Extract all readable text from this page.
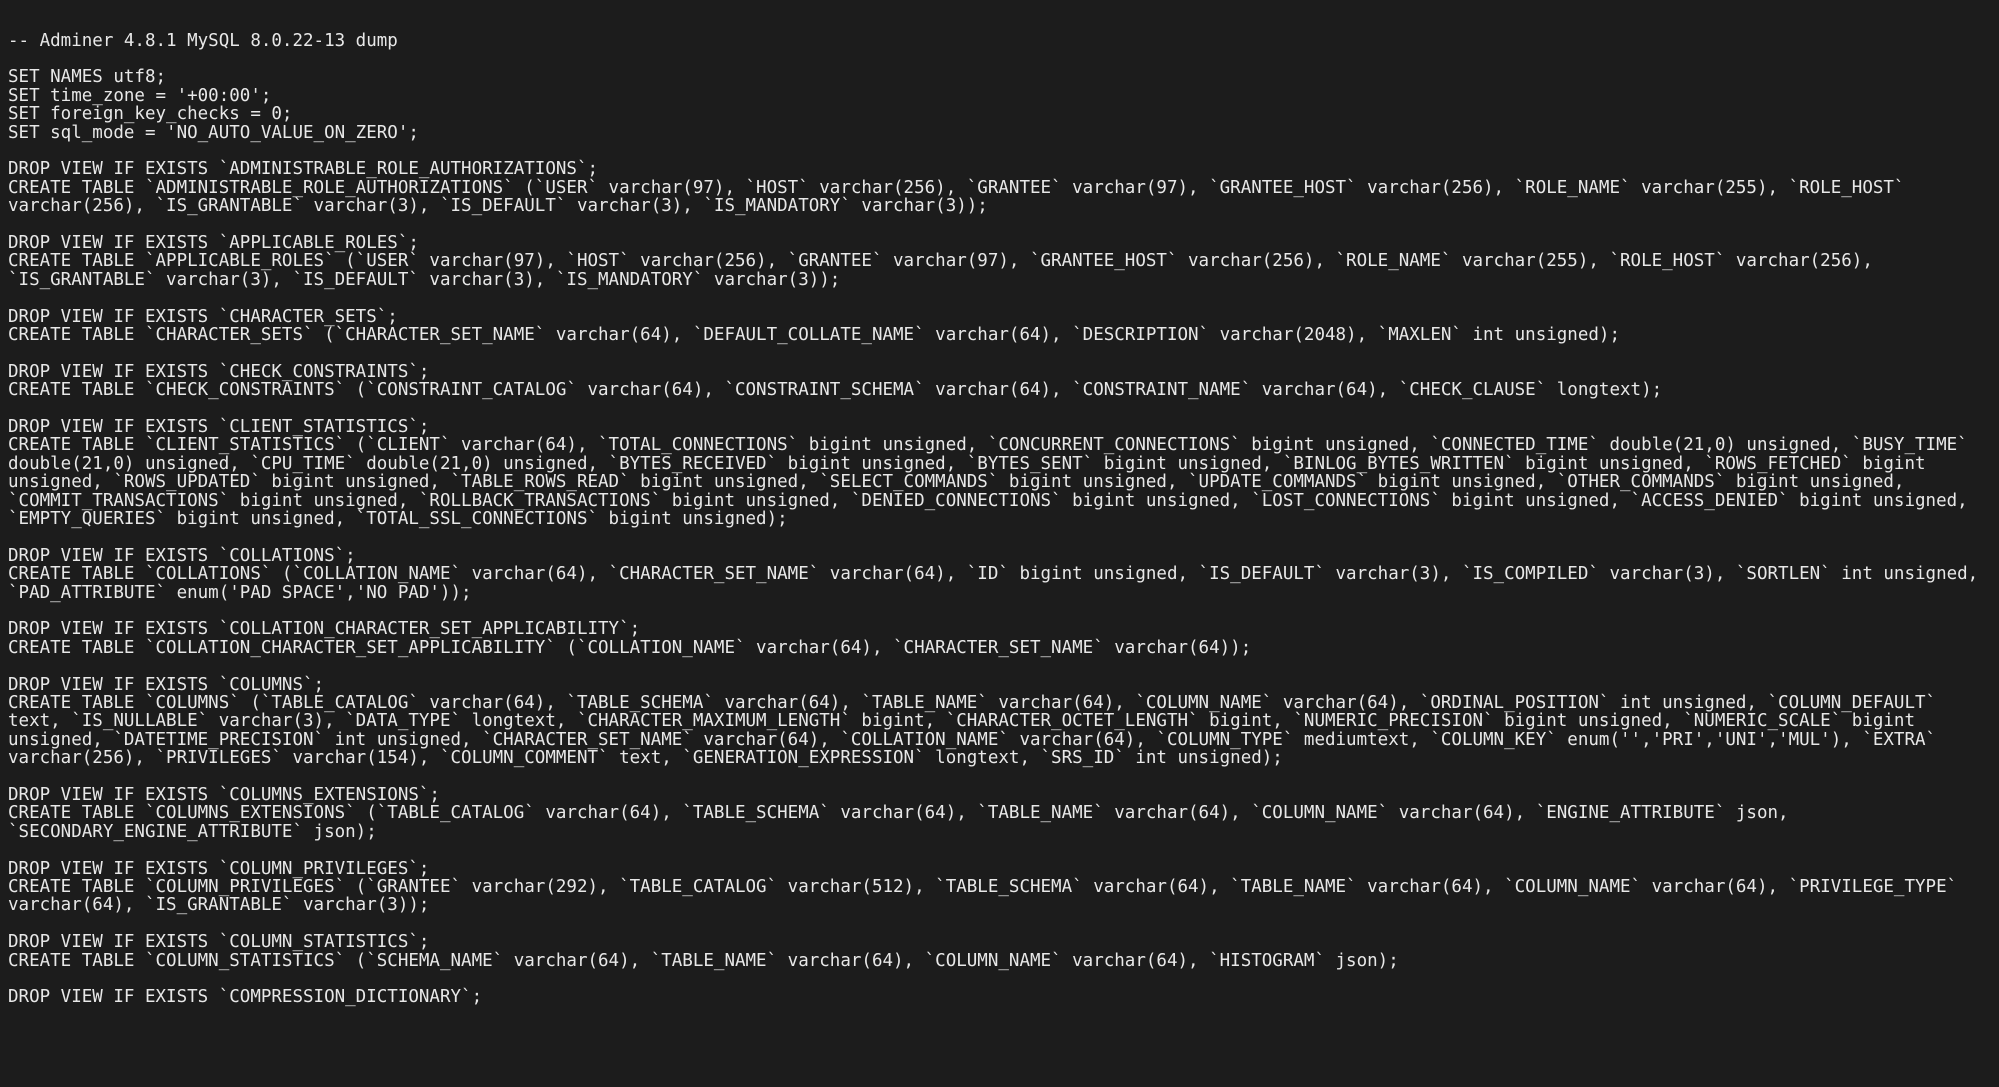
-- Adminer 4.8.1 MySQL 8.0.22-13 dump
SET NAMES utf8;
SET time_zone = '+00:00';
SET foreign_key_checks = 0;
SET sql_mode = 'NO_AUTO_VALUE_ON_ZERO';
DROP VIEW IF EXISTS `ADMINISTRABLE_ROLE_AUTHORIZATIONS`;
CREATE TABLE `ADMINISTRABLE_ROLE_AUTHORIZATIONS` (`USER` varchar(97), `HOST` varchar(256), `GRANTEE` varchar(97), `GRANTEE_HOST` varchar(256), `ROLE_NAME` varchar(255), `ROLE_HOST` varchar(256), `IS_GRANTABLE` varchar(3), `IS_DEFAULT` varchar(3), `IS_MANDATORY` varchar(3));
DROP VIEW IF EXISTS `APPLICABLE_ROLES`;
CREATE TABLE `APPLICABLE_ROLES` (`USER` varchar(97), `HOST` varchar(256), `GRANTEE` varchar(97), `GRANTEE_HOST` varchar(256), `ROLE_NAME` varchar(255), `ROLE_HOST` varchar(256), `IS_GRANTABLE` varchar(3), `IS_DEFAULT` varchar(3), `IS_MANDATORY` varchar(3));
DROP VIEW IF EXISTS `CHARACTER_SETS`;
CREATE TABLE `CHARACTER_SETS` (`CHARACTER_SET_NAME` varchar(64), `DEFAULT_COLLATE_NAME` varchar(64), `DESCRIPTION` varchar(2048), `MAXLEN` int unsigned);
DROP VIEW IF EXISTS `CHECK_CONSTRAINTS`;
CREATE TABLE `CHECK_CONSTRAINTS` (`CONSTRAINT_CATALOG` varchar(64), `CONSTRAINT_SCHEMA` varchar(64), `CONSTRAINT_NAME` varchar(64), `CHECK_CLAUSE` longtext);
DROP VIEW IF EXISTS `CLIENT_STATISTICS`;
CREATE TABLE `CLIENT_STATISTICS` (`CLIENT` varchar(64), `TOTAL_CONNECTIONS` bigint unsigned, `CONCURRENT_CONNECTIONS` bigint unsigned, `CONNECTED_TIME` double(21,0) unsigned, `BUSY_TIME` double(21,0) unsigned, `CPU_TIME` double(21,0) unsigned, `BYTES_RECEIVED` bigint unsigned, `BYTES_SENT` bigint unsigned, `BINLOG_BYTES_WRITTEN` bigint unsigned, `ROWS_FETCHED` bigint unsigned, `ROWS_UPDATED` bigint unsigned, `TABLE_ROWS_READ` bigint unsigned, `SELECT_COMMANDS` bigint unsigned, `UPDATE_COMMANDS` bigint unsigned, `OTHER_COMMANDS` bigint unsigned, `COMMIT_TRANSACTIONS` bigint unsigned, `ROLLBACK_TRANSACTIONS` bigint unsigned, `DENIED_CONNECTIONS` bigint unsigned, `LOST_CONNECTIONS` bigint unsigned, `ACCESS_DENIED` bigint unsigned, `EMPTY_QUERIES` bigint unsigned, `TOTAL_SSL_CONNECTIONS` bigint unsigned);
DROP VIEW IF EXISTS `COLLATIONS`;
CREATE TABLE `COLLATIONS` (`COLLATION_NAME` varchar(64), `CHARACTER_SET_NAME` varchar(64), `ID` bigint unsigned, `IS_DEFAULT` varchar(3), `IS_COMPILED` varchar(3), `SORTLEN` int unsigned, `PAD_ATTRIBUTE` enum('PAD SPACE','NO PAD'));
DROP VIEW IF EXISTS `COLLATION_CHARACTER_SET_APPLICABILITY`;
CREATE TABLE `COLLATION_CHARACTER_SET_APPLICABILITY` (`COLLATION_NAME` varchar(64), `CHARACTER_SET_NAME` varchar(64));
DROP VIEW IF EXISTS `COLUMNS`;
CREATE TABLE `COLUMNS` (`TABLE_CATALOG` varchar(64), `TABLE_SCHEMA` varchar(64), `TABLE_NAME` varchar(64), `COLUMN_NAME` varchar(64), `ORDINAL_POSITION` int unsigned, `COLUMN_DEFAULT` text, `IS_NULLABLE` varchar(3), `DATA_TYPE` longtext, `CHARACTER_MAXIMUM_LENGTH` bigint, `CHARACTER_OCTET_LENGTH` bigint, `NUMERIC_PRECISION` bigint unsigned, `NUMERIC_SCALE` bigint unsigned, `DATETIME_PRECISION` int unsigned, `CHARACTER_SET_NAME` varchar(64), `COLLATION_NAME` varchar(64), `COLUMN_TYPE` mediumtext, `COLUMN_KEY` enum('','PRI','UNI','MUL'), `EXTRA` varchar(256), `PRIVILEGES` varchar(154), `COLUMN_COMMENT` text, `GENERATION_EXPRESSION` longtext, `SRS_ID` int unsigned);
DROP VIEW IF EXISTS `COLUMNS_EXTENSIONS`;
CREATE TABLE `COLUMNS_EXTENSIONS` (`TABLE_CATALOG` varchar(64), `TABLE_SCHEMA` varchar(64), `TABLE_NAME` varchar(64), `COLUMN_NAME` varchar(64), `ENGINE_ATTRIBUTE` json, `SECONDARY_ENGINE_ATTRIBUTE` json);
DROP VIEW IF EXISTS `COLUMN_PRIVILEGES`;
CREATE TABLE `COLUMN_PRIVILEGES` (`GRANTEE` varchar(292), `TABLE_CATALOG` varchar(512), `TABLE_SCHEMA` varchar(64), `TABLE_NAME` varchar(64), `COLUMN_NAME` varchar(64), `PRIVILEGE_TYPE` varchar(64), `IS_GRANTABLE` varchar(3));
DROP VIEW IF EXISTS `COLUMN_STATISTICS`;
CREATE TABLE `COLUMN_STATISTICS` (`SCHEMA_NAME` varchar(64), `TABLE_NAME` varchar(64), `COLUMN_NAME` varchar(64), `HISTOGRAM` json);
DROP VIEW IF EXISTS `COMPRESSION_DICTIONARY`;
